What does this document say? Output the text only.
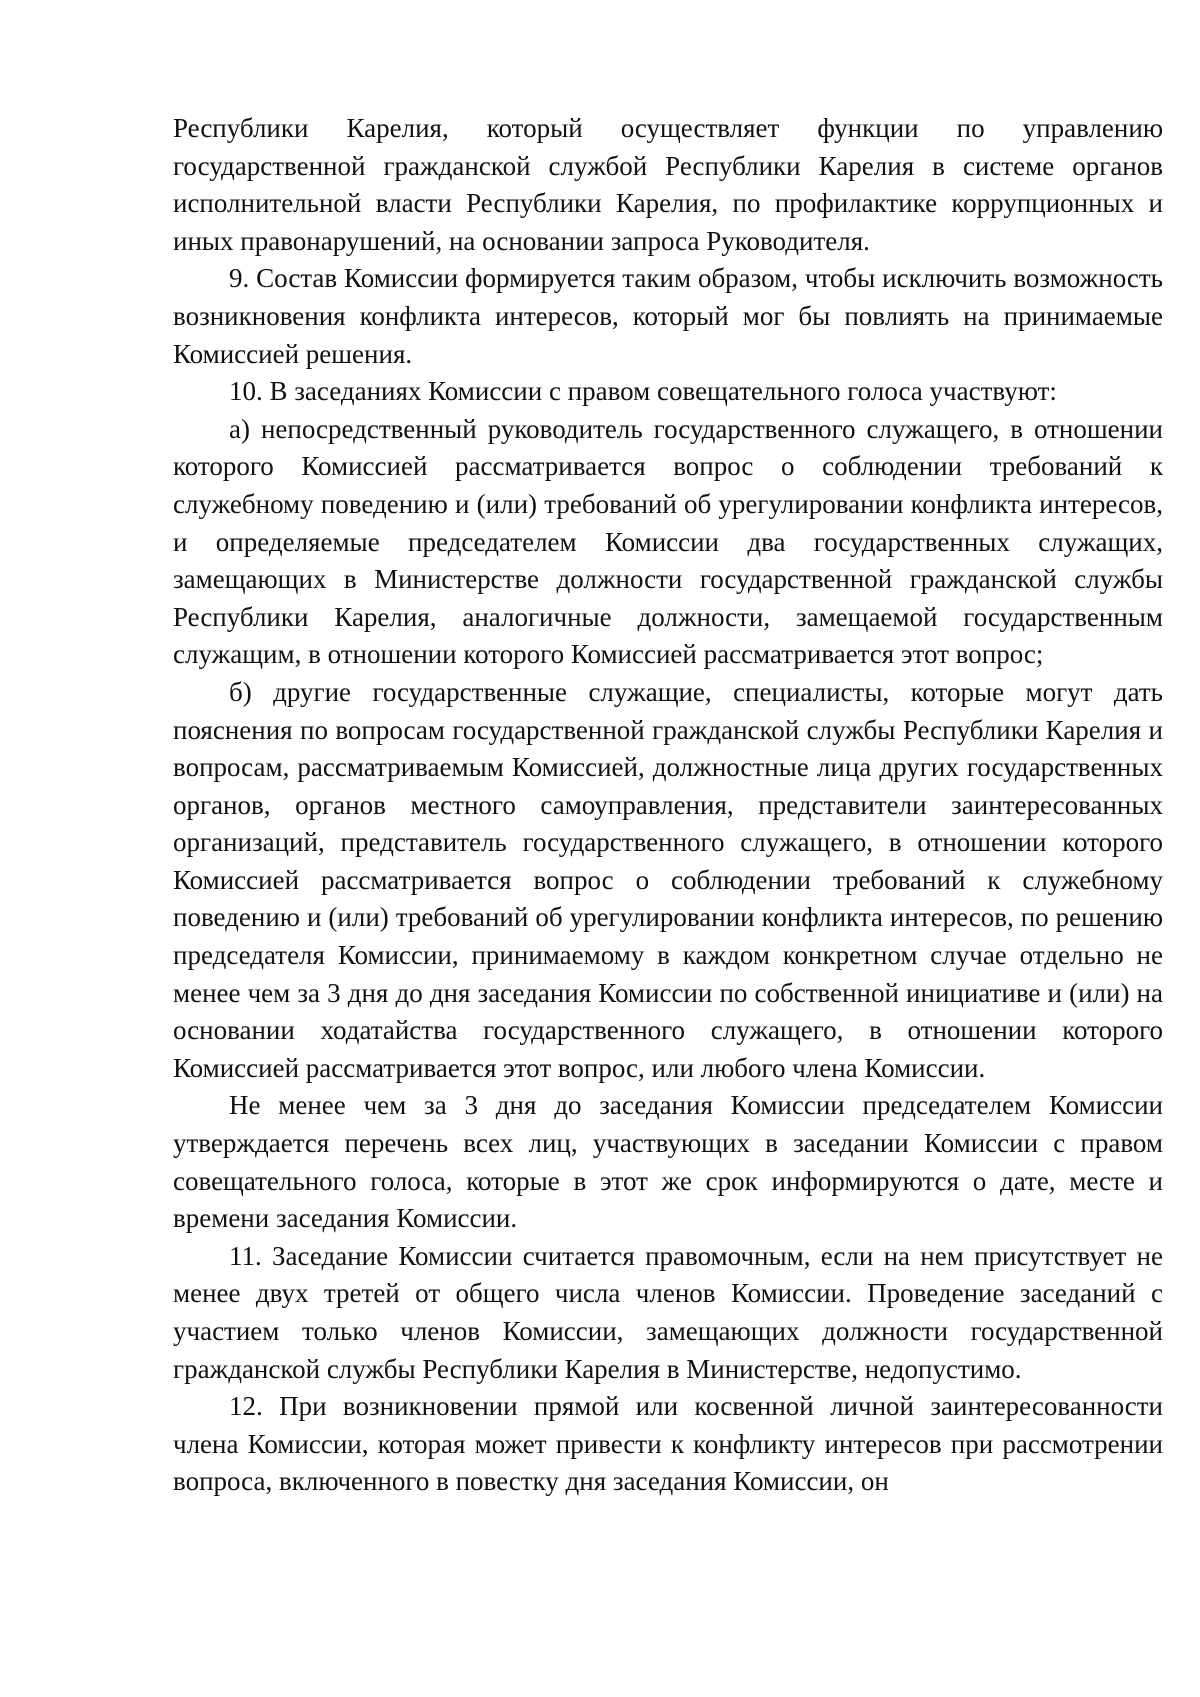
Республики Карелия, который осуществляет функции по управлению государственной гражданской службой Республики Карелия в системе органов исполнительной власти Республики Карелия, по профилактике коррупционных и иных правонарушений, на основании запроса Руководителя.

9. Состав Комиссии формируется таким образом, чтобы исключить возможность возникновения конфликта интересов, который мог бы повлиять на принимаемые Комиссией решения.

10. В заседаниях Комиссии с правом совещательного голоса участвуют:

а) непосредственный руководитель государственного служащего, в отношении которого Комиссией рассматривается вопрос о соблюдении требований к служебному поведению и (или) требований об урегулировании конфликта интересов, и определяемые председателем Комиссии два государственных служащих, замещающих в Министерстве должности государственной гражданской службы Республики Карелия, аналогичные должности, замещаемой государственным служащим, в отношении которого Комиссией рассматривается этот вопрос;

б) другие государственные служащие, специалисты, которые могут дать пояснения по вопросам государственной гражданской службы Республики Карелия и вопросам, рассматриваемым Комиссией, должностные лица других государственных органов, органов местного самоуправления, представители заинтересованных организаций, представитель государственного служащего, в отношении которого Комиссией рассматривается вопрос о соблюдении требований к служебному поведению и (или) требований об урегулировании конфликта интересов, по решению председателя Комиссии, принимаемому в каждом конкретном случае отдельно не менее чем за 3 дня до дня заседания Комиссии по собственной инициативе и (или) на основании ходатайства государственного служащего, в отношении которого Комиссией рассматривается этот вопрос, или любого члена Комиссии.

Не менее чем за 3 дня до заседания Комиссии председателем Комиссии утверждается перечень всех лиц, участвующих в заседании Комиссии с правом совещательного голоса, которые в этот же срок информируются о дате, месте и времени заседания Комиссии.

11. Заседание Комиссии считается правомочным, если на нем присутствует не менее двух третей от общего числа членов Комиссии. Проведение заседаний с участием только членов Комиссии, замещающих должности государственной гражданской службы Республики Карелия в Министерстве, недопустимо.

12. При возникновении прямой или косвенной личной заинтересованности члена Комиссии, которая может привести к конфликту интересов при рассмотрении вопроса, включенного в повестку дня заседания Комиссии, он
